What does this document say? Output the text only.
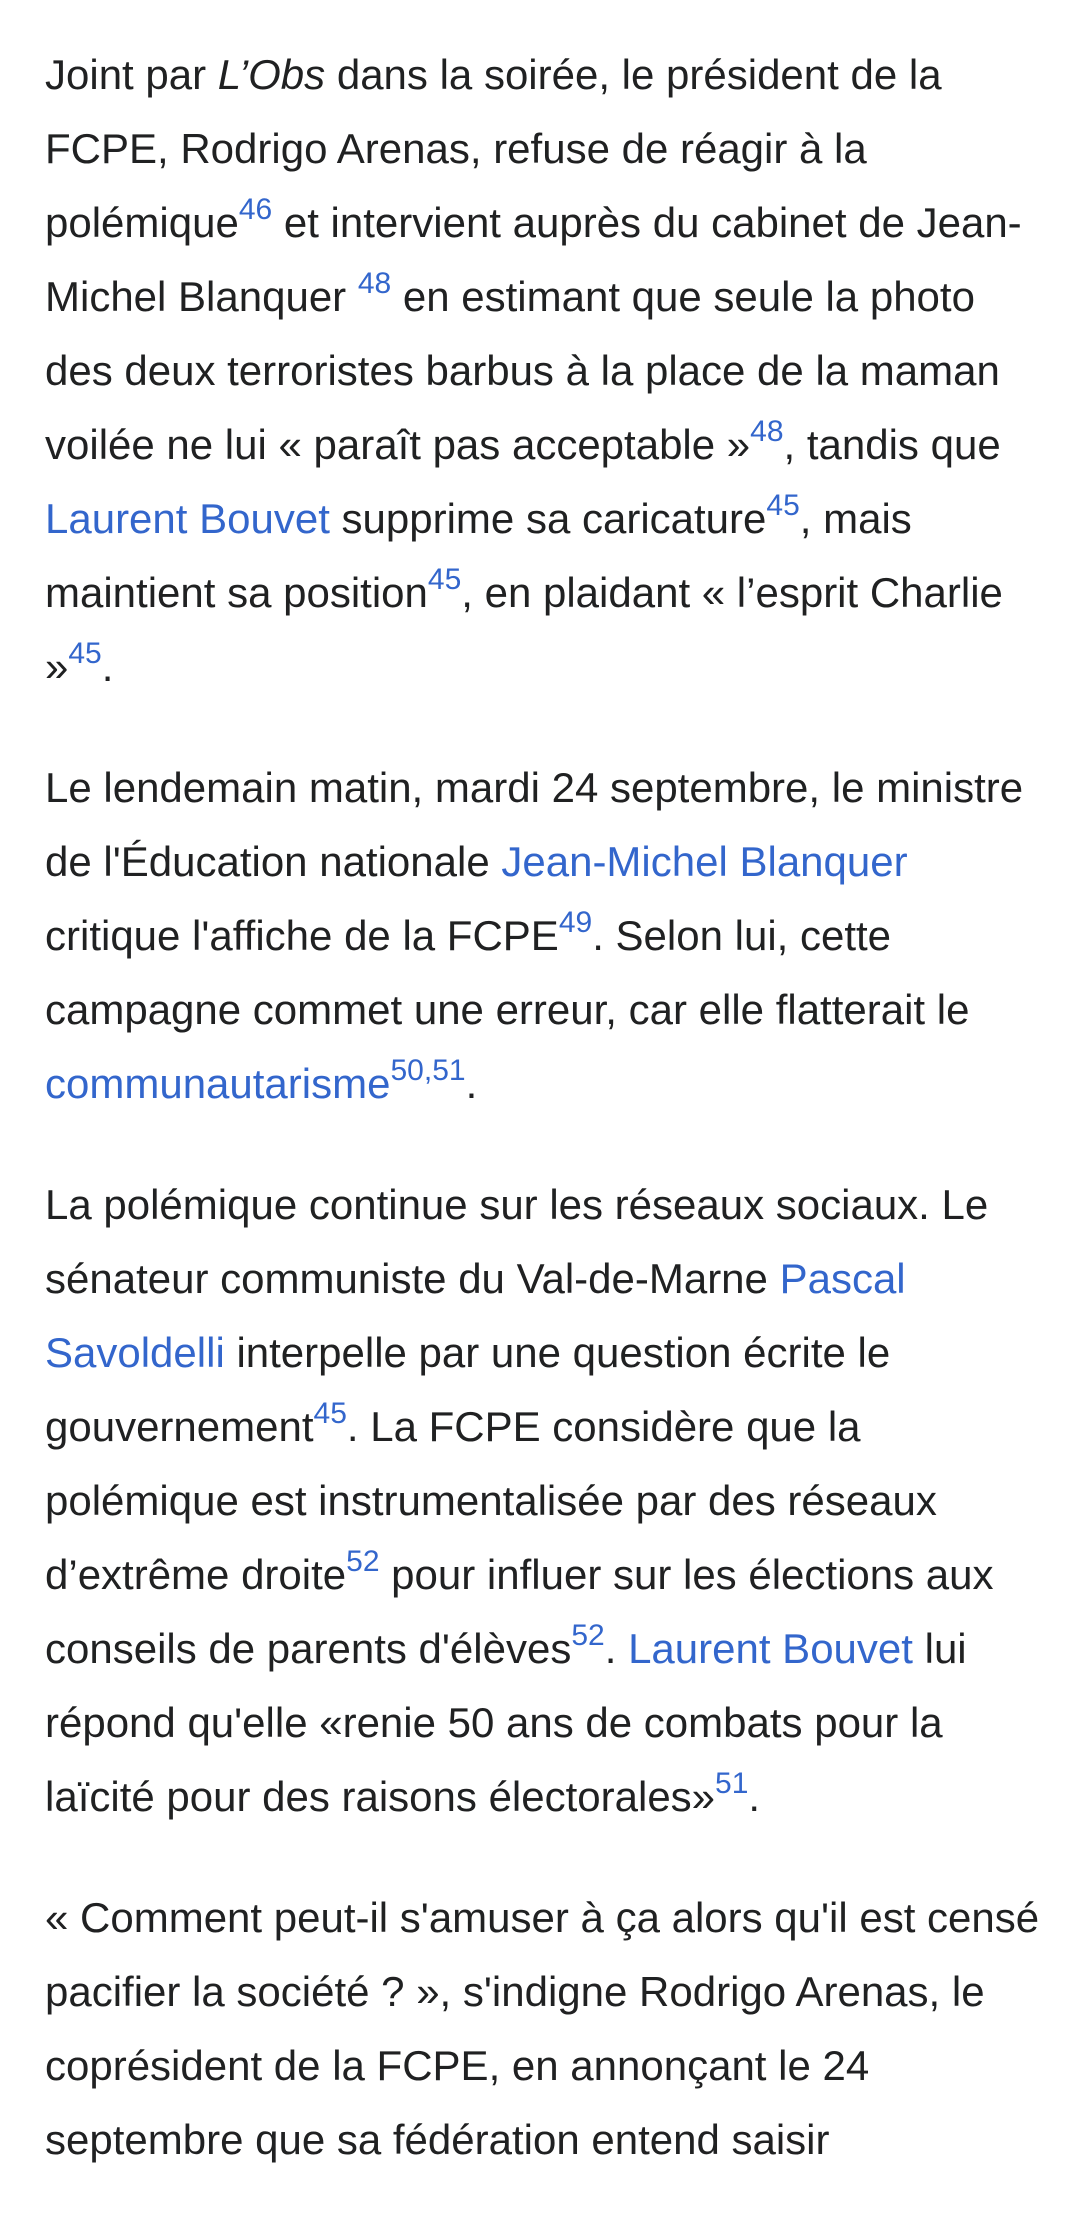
Joint par L’Obs dans la soirée, le président de la FCPE, Rodrigo Arenas, refuse de réagir à la polémique$^{46}$ et intervient auprès du cabinet de Jean-Michel Blanquer $^{48}$ en estimant que seule la photo des deux terroristes barbus à la place de la maman voilée ne lui « paraît pas acceptable »$^{48}$, tandis que Laurent Bouvet supprime sa caricature$^{45}$, mais maintient sa position$^{45}$, en plaidant « l’esprit Charlie »$^{45}$.

Le lendemain matin, mardi 24 septembre, le ministre de l'Éducation nationale Jean-Michel Blanquer critique l'affiche de la FCPE$^{49}$. Selon lui, cette campagne commet une erreur, car elle flatterait le communautarisme$^{50,51}$.

La polémique continue sur les réseaux sociaux. Le sénateur communiste du Val-de-Marne Pascal Savoldelli interpelle par une question écrite le gouvernement$^{45}$. La FCPE considère que la polémique est instrumentalisée par des réseaux d’extrême droite$^{52}$ pour influer sur les élections aux conseils de parents d'élèves$^{52}$. Laurent Bouvet lui répond qu'elle «renie 50 ans de combats pour la laïcité pour des raisons électorales»$^{51}$.

« Comment peut-il s'amuser à ça alors qu'il est censé pacifier la société ? », s'indigne Rodrigo Arenas, le coprésident de la FCPE, en annonçant le 24 septembre que sa fédération entend saisir
